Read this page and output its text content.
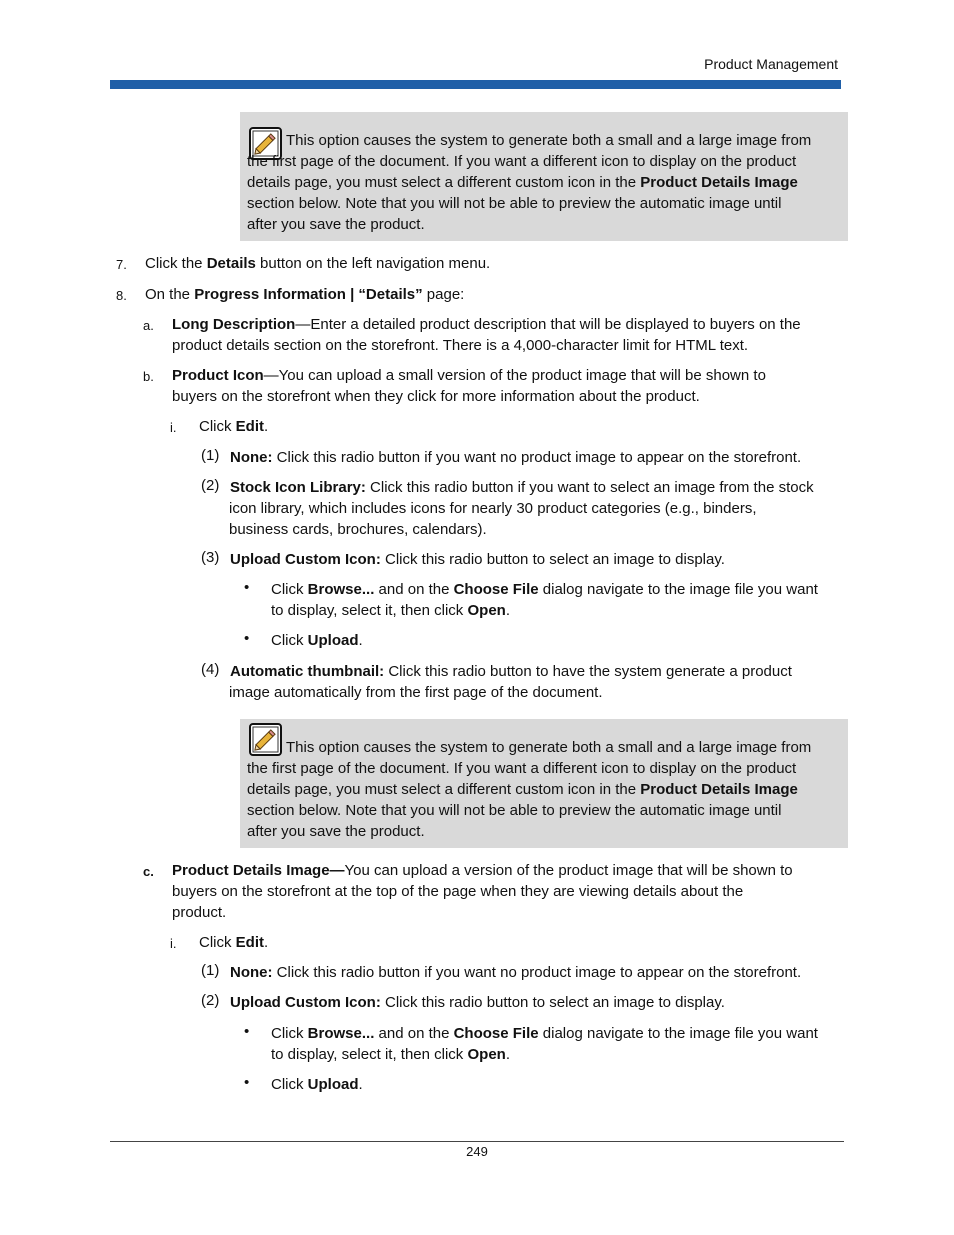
Product Management
This option causes the system to generate both a small and a large image from
the first page of the document. If you want a different icon to display on the product
details page, you must select a different custom icon in the Product Details Image
section below. Note that you will not be able to preview the automatic image until
after you save the product.
7. Click the Details button on the left navigation menu.
8. On the Progress Information | “Details” page:
a. Long Description—Enter a detailed product description that will be displayed to buyers on the
product details section on the storefront. There is a 4,000-character limit for HTML text.
b. Product Icon—You can upload a small version of the product image that will be shown to
buyers on the storefront when they click for more information about the product.
i. Click Edit.
(1) None: Click this radio button if you want no product image to appear on the storefront.
(2) Stock Icon Library: Click this radio button if you want to select an image from the stock
icon library, which includes icons for nearly 30 product categories (e.g., binders,
business cards, brochures, calendars).
(3) Upload Custom Icon: Click this radio button to select an image to display.
• Click Browse... and on the Choose File dialog navigate to the image file you want
to display, select it, then click Open.
• Click Upload.
(4) Automatic thumbnail: Click this radio button to have the system generate a product
image automatically from the first page of the document.
This option causes the system to generate both a small and a large image from
the first page of the document. If you want a different icon to display on the product
details page, you must select a different custom icon in the Product Details Image
section below. Note that you will not be able to preview the automatic image until
after you save the product.
c. Product Details Image—You can upload a version of the product image that will be shown to
buyers on the storefront at the top of the page when they are viewing details about the
product.
i. Click Edit.
(1) None: Click this radio button if you want no product image to appear on the storefront.
(2) Upload Custom Icon: Click this radio button to select an image to display.
• Click Browse... and on the Choose File dialog navigate to the image file you want
to display, select it, then click Open.
• Click Upload.
249
